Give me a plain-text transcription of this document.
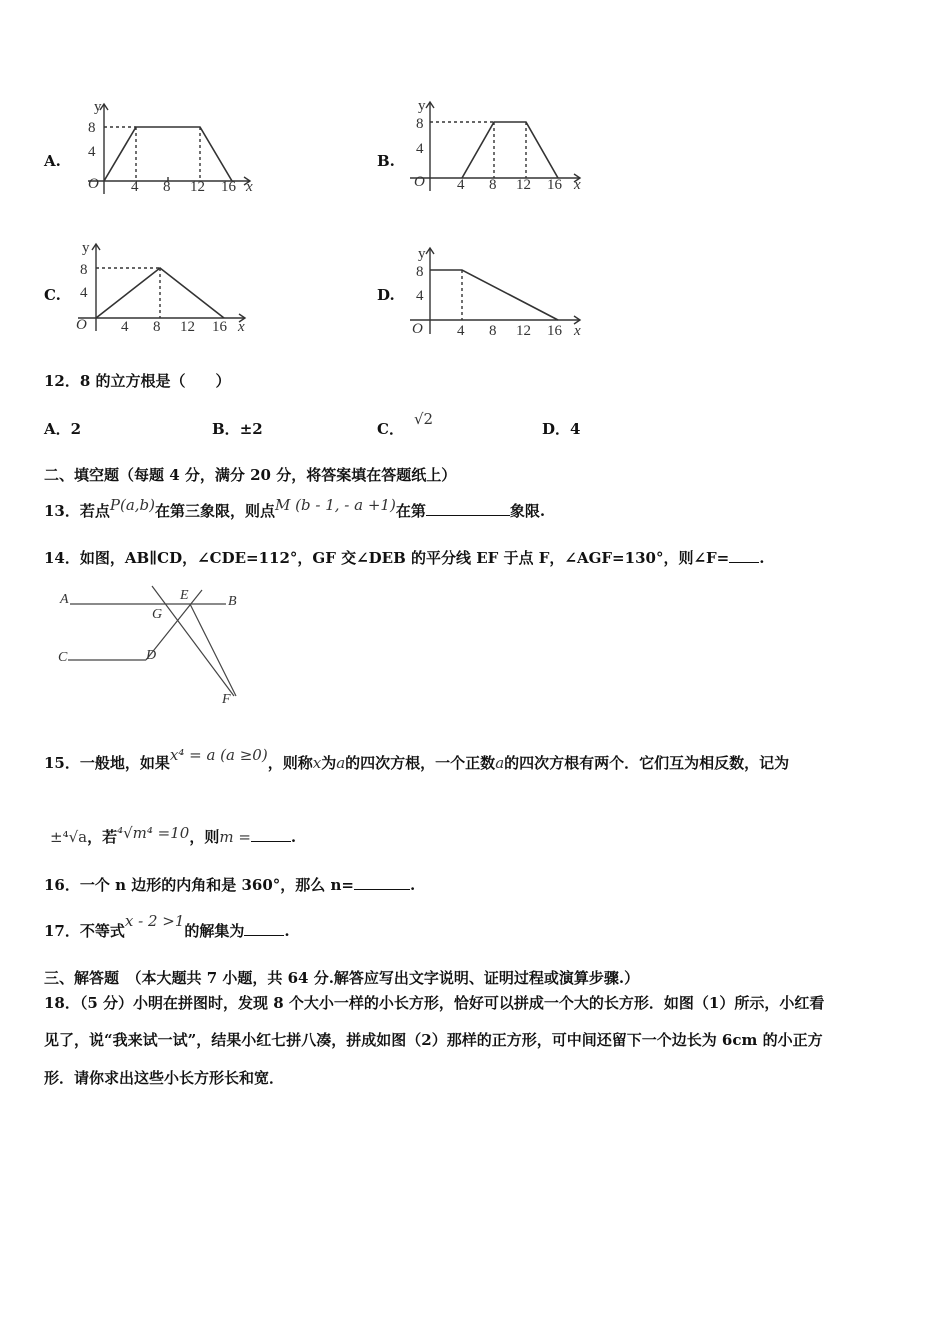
A.
y
8
4
O 4 8 12 16 x
B.
y
8
4
O 4 8 12 16 x
C.
y
8
4
O 4 8 12 16 x
D.
y
8
4
O 4 8 12 16 x
12．8 的立方根是（　　）
A．2	B．±2	C．√2
D．4
二、填空题（每题 4 分，满分 20 分，将答案填在答题纸上）
13．若点P(a,b)在第三象限，则点M (b - 1, - a +1)在第	象限.
14．如图，AB∥CD，∠CDE=112°，GF 交∠DEB 的平分线 EF 于点 F，∠AGF=130°，则∠F= .
A	B
C	D
E
G
F
15．一般地，如果x⁴ = a (a ≥0)，则称x为a的四次方根，一个正数a的四次方根有两个．它们互为相反数，记为
±⁴√a，若⁴√m⁴ =10，则m =	.
16．一个 n 边形的内角和是 360°，那么 n=	.
17．不等式x - 2 >1的解集为	.
三、解答题　（本大题共 7 小题，共 64 分.解答应写出文字说明、证明过程或演算步骤.）
18．（5 分）小明在拼图时，发现 8 个大小一样的小长方形，恰好可以拼成一个大的长方形．如图（1）所示，小红看
见了，说“我来试一试”，结果小红七拼八凑，拼成如图（2）那样的正方形，可中间还留下一个边长为 6cm 的小正方
形．请你求出这些小长方形长和宽．
